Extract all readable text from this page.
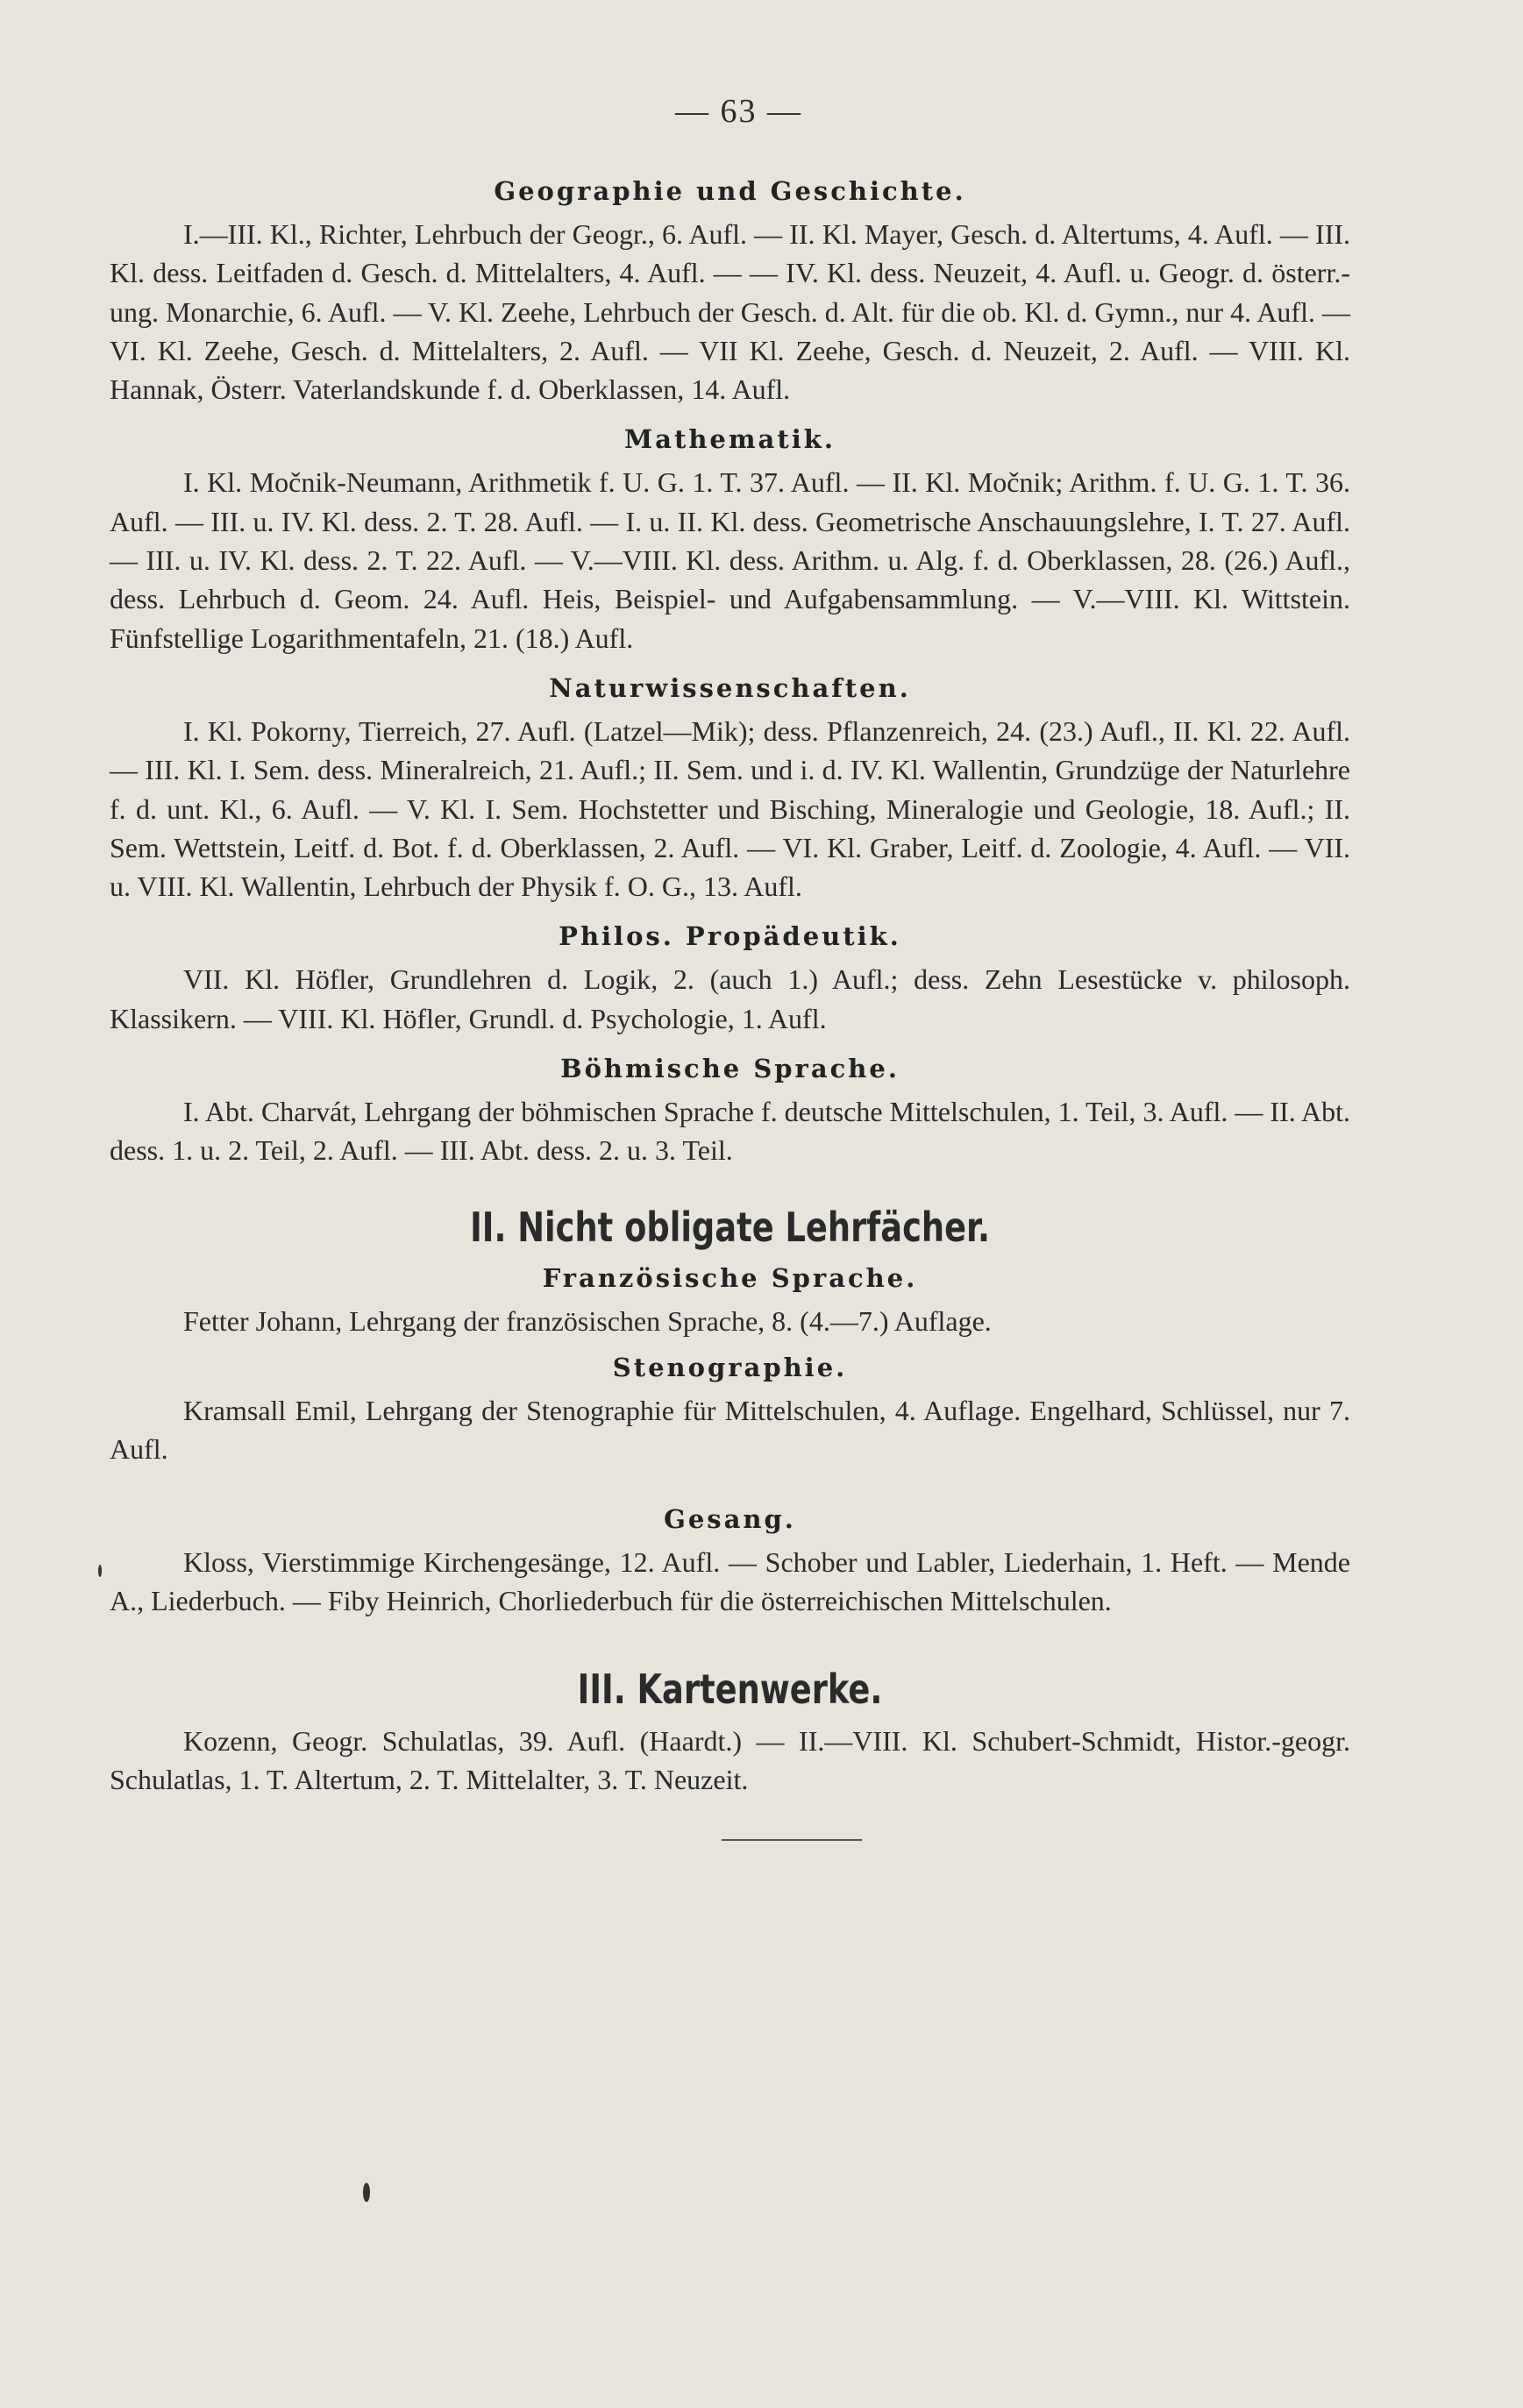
— 63 —
Geographie und Geschichte.

I.—III. Kl., Richter, Lehrbuch der Geogr., 6. Aufl. — II. Kl. Mayer, Gesch. d. Altertums, 4. Aufl. — III. Kl. dess. Leitfaden d. Gesch. d. Mittelalters, 4. Aufl. — — IV. Kl. dess. Neuzeit, 4. Aufl. u. Geogr. d. österr.-ung. Monarchie, 6. Aufl. — V. Kl. Zeehe, Lehrbuch der Gesch. d. Alt. für die ob. Kl. d. Gymn., nur 4. Aufl. — VI. Kl. Zeehe, Gesch. d. Mittelalters, 2. Aufl. — VII Kl. Zeehe, Gesch. d. Neuzeit, 2. Aufl. — VIII. Kl. Hannak, Österr. Vaterlandskunde f. d. Oberklassen, 14. Aufl.

Mathematik.

I. Kl. Močnik-Neumann, Arithmetik f. U. G. 1. T. 37. Aufl. — II. Kl. Močnik; Arithm. f. U. G. 1. T. 36. Aufl. — III. u. IV. Kl. dess. 2. T. 28. Aufl. — I. u. II. Kl. dess. Geometrische Anschauungslehre, I. T. 27. Aufl. — III. u. IV. Kl. dess. 2. T. 22. Aufl. — V.—VIII. Kl. dess. Arithm. u. Alg. f. d. Oberklassen, 28. (26.) Aufl., dess. Lehrbuch d. Geom. 24. Aufl. Heis, Beispiel- und Aufgabensammlung. — V.—VIII. Kl. Wittstein. Fünfstellige Logarithmentafeln, 21. (18.) Aufl.

Naturwissenschaften.

I. Kl. Pokorny, Tierreich, 27. Aufl. (Latzel—Mik); dess. Pflanzenreich, 24. (23.) Aufl., II. Kl. 22. Aufl. — III. Kl. I. Sem. dess. Mineralreich, 21. Aufl.; II. Sem. und i. d. IV. Kl. Wallentin, Grundzüge der Naturlehre f. d. unt. Kl., 6. Aufl. — V. Kl. I. Sem. Hochstetter und Bisching, Mineralogie und Geologie, 18. Aufl.; II. Sem. Wettstein, Leitf. d. Bot. f. d. Oberklassen, 2. Aufl. — VI. Kl. Graber, Leitf. d. Zoologie, 4. Aufl. — VII. u. VIII. Kl. Wallentin, Lehrbuch der Physik f. O. G., 13. Aufl.

Philos. Propädeutik.

VII. Kl. Höfler, Grundlehren d. Logik, 2. (auch 1.) Aufl.; dess. Zehn Lesestücke v. philosoph. Klassikern. — VIII. Kl. Höfler, Grundl. d. Psychologie, 1. Aufl.

Böhmische Sprache.

I. Abt. Charvát, Lehrgang der böhmischen Sprache f. deutsche Mittelschulen, 1. Teil, 3. Aufl. — II. Abt. dess. 1. u. 2. Teil, 2. Aufl. — III. Abt. dess. 2. u. 3. Teil.

II. Nicht obligate Lehrfächer.
Französische Sprache.

Fetter Johann, Lehrgang der französischen Sprache, 8. (4.—7.) Auflage.

Stenographie.

Kramsall Emil, Lehrgang der Stenographie für Mittelschulen, 4. Auflage. Engelhard, Schlüssel, nur 7. Aufl.

Gesang.

Kloss, Vierstimmige Kirchengesänge, 12. Aufl. — Schober und Labler, Liederhain, 1. Heft. — Mende A., Liederbuch. — Fiby Heinrich, Chorliederbuch für die österreichischen Mittelschulen.

III. Kartenwerke.

Kozenn, Geogr. Schulatlas, 39. Aufl. (Haardt.) — II.—VIII. Kl. Schubert-Schmidt, Histor.-geogr. Schulatlas, 1. T. Altertum, 2. T. Mittelalter, 3. T. Neuzeit.
